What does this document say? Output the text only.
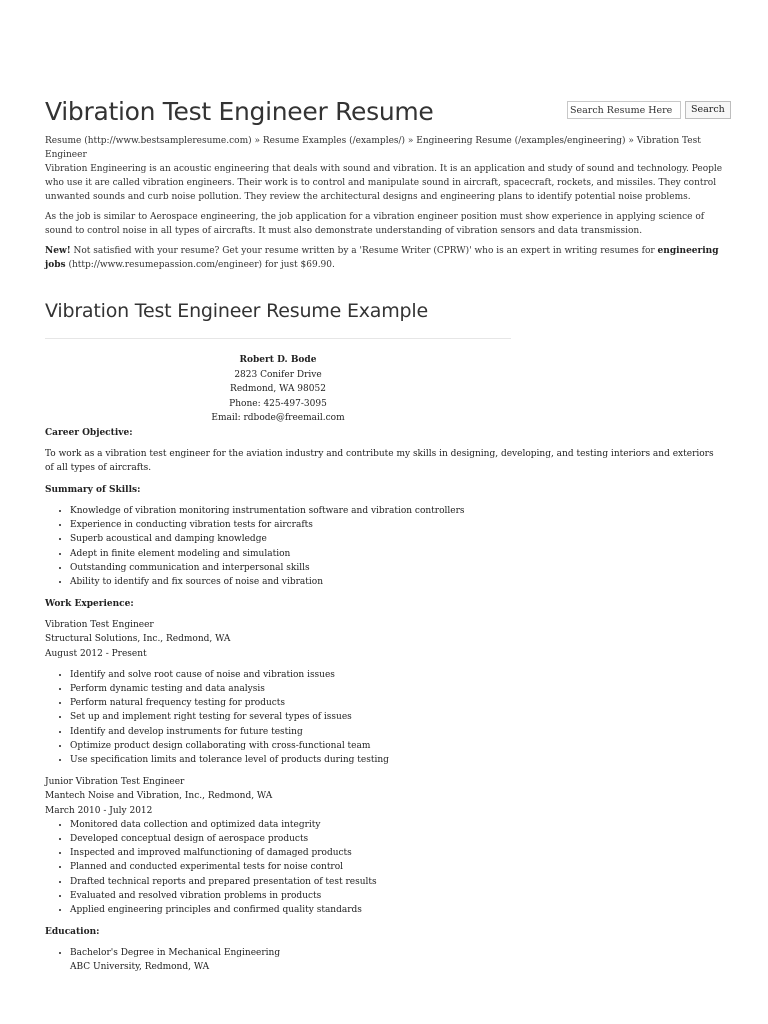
Vibration Test Engineer Resume
Search Resume Here	Search
Resume (http://www.bestsampleresume.com) » Resume Examples (/examples/) » Engineering Resume (/examples/engineering) » Vibration Test Engineer

Vibration Engineering is an acoustic engineering that deals with sound and vibration. It is an application and study of sound and technology. People who use it are called vibration engineers. Their work is to control and manipulate sound in aircraft, spacecraft, rockets, and missiles. They control unwanted sounds and curb noise pollution. They review the architectural designs and engineering plans to identify potential noise problems.

As the job is similar to Aerospace engineering, the job application for a vibration engineer position must show experience in applying science of sound to control noise in all types of aircrafts. It must also demonstrate understanding of vibration sensors and data transmission.

New! Not satisfied with your resume? Get your resume written by a 'Resume Writer (CPRW)' who is an expert in writing resumes for engineering jobs (http://www.resumepassion.com/engineer) for just $69.90.

Vibration Test Engineer Resume Example
Robert D. Bode
2823 Conifer Drive
Redmond, WA 98052
Phone: 425-497-3095
Email: rdbode@freemail.com

Career Objective:

To work as a vibration test engineer for the aviation industry and contribute my skills in designing, developing, and testing interiors and exteriors of all types of aircrafts.

Summary of Skills:

• Knowledge of vibration monitoring instrumentation software and vibration controllers
• Experience in conducting vibration tests for aircrafts
• Superb acoustical and damping knowledge
• Adept in finite element modeling and simulation
• Outstanding communication and interpersonal skills
• Ability to identify and fix sources of noise and vibration

Work Experience:

Vibration Test Engineer

Structural Solutions, Inc., Redmond, WA

August 2012 - Present

• Identify and solve root cause of noise and vibration issues
• Perform dynamic testing and data analysis
• Perform natural frequency testing for products
• Set up and implement right testing for several types of issues
• Identify and develop instruments for future testing
• Optimize product design collaborating with cross-functional team
• Use specification limits and tolerance level of products during testing

Junior Vibration Test Engineer

Mantech Noise and Vibration, Inc., Redmond, WA

March 2010 - July 2012

• Monitored data collection and optimized data integrity
• Developed conceptual design of aerospace products
• Inspected and improved malfunctioning of damaged products
• Planned and conducted experimental tests for noise control
• Drafted technical reports and prepared presentation of test results
• Evaluated and resolved vibration problems in products
• Applied engineering principles and confirmed quality standards

Education:

• Bachelor's Degree in Mechanical Engineering
ABC University, Redmond, WA
